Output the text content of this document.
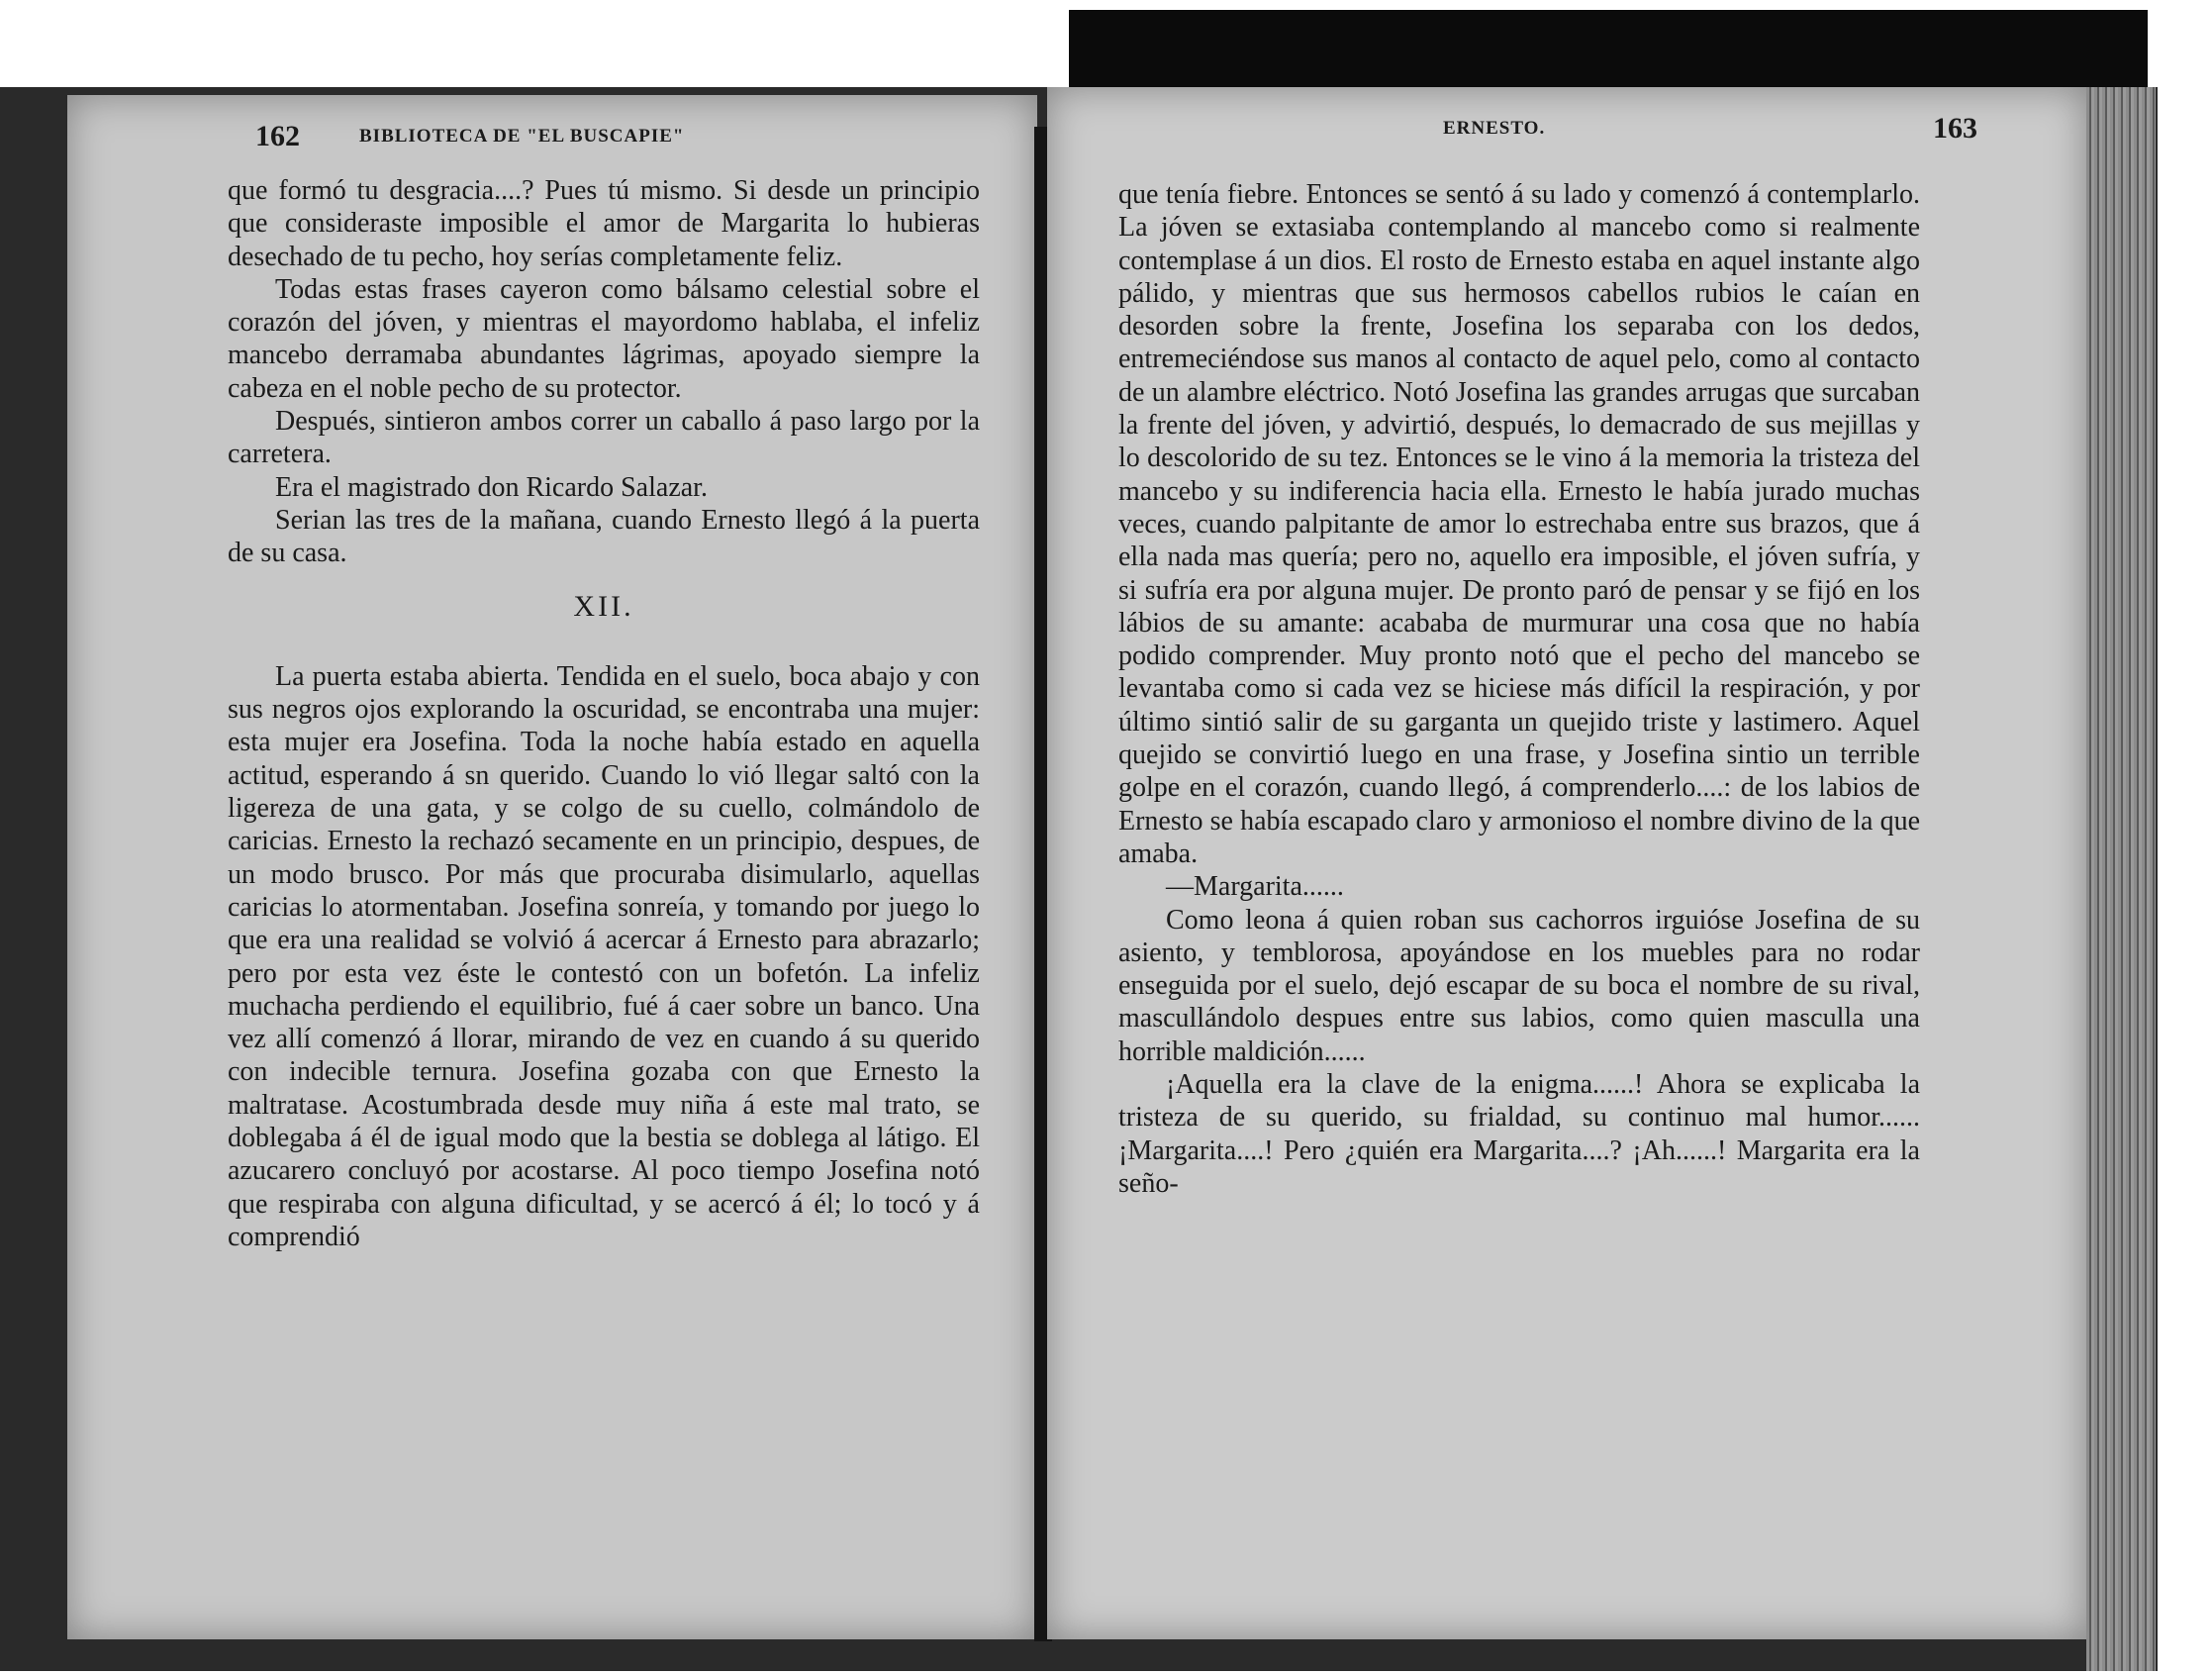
162	BIBLIOTECA DE "EL BUSCAPIE"

que formó tu desgracia....? Pues tú mismo. Si desde un principio que consideraste imposible el amor de Margarita lo hubieras desechado de tu pecho, hoy serías completamente feliz.

Todas estas frases cayeron como bálsamo celestial sobre el corazón del jóven, y mientras el mayordomo hablaba, el infeliz mancebo derramaba abundantes lágrimas, apoyado siempre la cabeza en el noble pecho de su protector.

Después, sintieron ambos correr un caballo á paso largo por la carretera.

Era el magistrado don Ricardo Salazar.

Serian las tres de la mañana, cuando Ernesto llegó á la puerta de su casa.

XII.

La puerta estaba abierta. Tendida en el suelo, boca abajo y con sus negros ojos explorando la oscuridad, se encontraba una mujer: esta mujer era Josefina. Toda la noche había estado en aquella actitud, esperando á sn querido. Cuando lo vió llegar saltó con la ligereza de una gata, y se colgo de su cuello, colmándolo de caricias. Ernesto la rechazó secamente en un principio, despues, de un modo brusco. Por más que procuraba disimularlo, aquellas caricias lo atormentaban. Josefina sonreía, y tomando por juego lo que era una realidad se volvió á acercar á Ernesto para abrazarlo; pero por esta vez éste le contestó con un bofetón. La infeliz muchacha perdiendo el equilibrio, fué á caer sobre un banco. Una vez allí comenzó á llorar, mirando de vez en cuando á su querido con indecible ternura. Josefina gozaba con que Ernesto la maltratase. Acostumbrada desde muy niña á este mal trato, se doblegaba á él de igual modo que la bestia se doblega al látigo. El azucarero concluyó por acostarse. Al poco tiempo Josefina notó que respiraba con alguna dificultad, y se acercó á él; lo tocó y á comprendió

ERNESTO.	163

que tenía fiebre. Entonces se sentó á su lado y comenzó á contemplarlo. La jóven se extasiaba contemplando al mancebo como si realmente contemplase á un dios. El rosto de Ernesto estaba en aquel instante algo pálido, y mientras que sus hermosos cabellos rubios le caían en desorden sobre la frente, Josefina los separaba con los dedos, entremeciéndose sus manos al contacto de aquel pelo, como al contacto de un alambre eléctrico. Notó Josefina las grandes arrugas que surcaban la frente del jóven, y advirtió, después, lo demacrado de sus mejillas y lo descolorido de su tez. Entonces se le vino á la memoria la tristeza del mancebo y su indiferencia hacia ella. Ernesto le había jurado muchas veces, cuando palpitante de amor lo estrechaba entre sus brazos, que á ella nada mas quería; pero no, aquello era imposible, el jóven sufría, y si sufría era por alguna mujer. De pronto paró de pensar y se fijó en los lábios de su amante: acababa de murmurar una cosa que no había podido comprender. Muy pronto notó que el pecho del mancebo se levantaba como si cada vez se hiciese más difícil la respiración, y por último sintió salir de su garganta un quejido triste y lastimero. Aquel quejido se convirtió luego en una frase, y Josefina sintio un terrible golpe en el corazón, cuando llegó, á comprenderlo....: de los labios de Ernesto se había escapado claro y armonioso el nombre divino de la que amaba.

—Margarita......

Como leona á quien roban sus cachorros irguióse Josefina de su asiento, y temblorosa, apoyándose en los muebles para no rodar enseguida por el suelo, dejó escapar de su boca el nombre de su rival, mascullándolo despues entre sus labios, como quien masculla una horrible maldición......

¡Aquella era la clave de la enigma......! Ahora se explicaba la tristeza de su querido, su frialdad, su continuo mal humor...... ¡Margarita....! Pero ¿quién era Margarita....? ¡Ah......! Margarita era la seño-
